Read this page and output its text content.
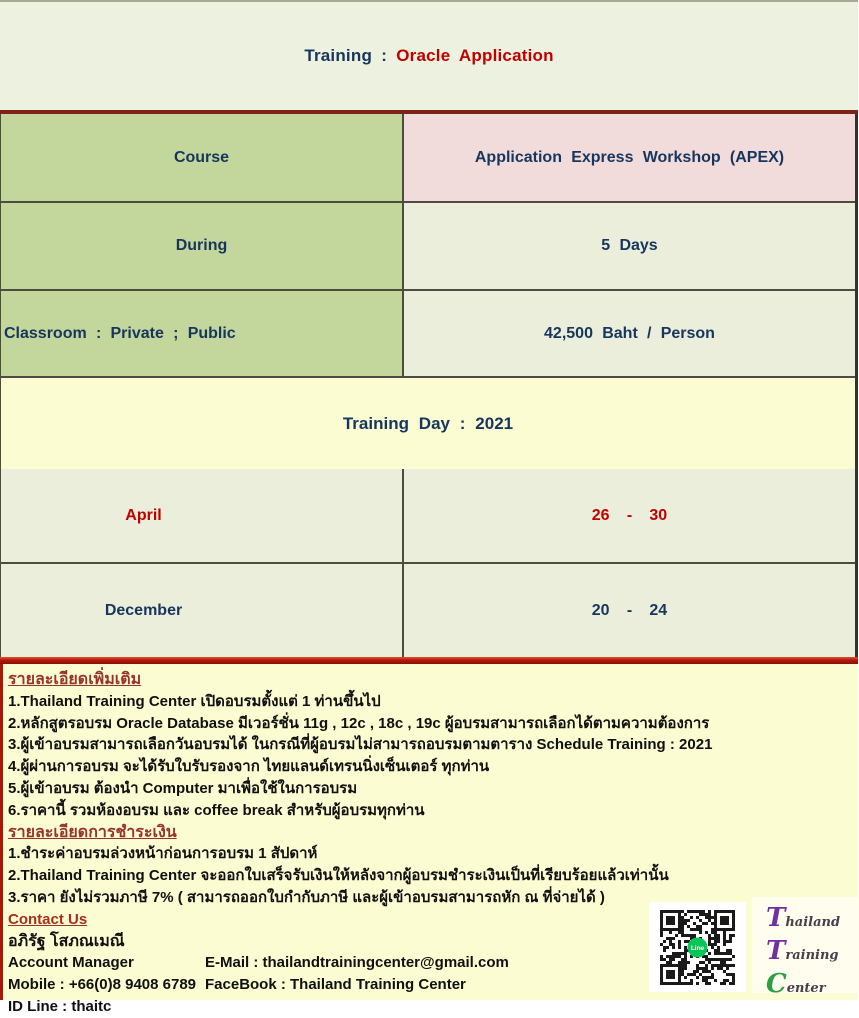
Training : Oracle Application
Course	Application Express Workshop (APEX)
During	5 Days
Classroom : Private ; Public	42,500 Baht / Person
Training Day : 2021
April	26 - 30
December	20 - 24
รายละเอียดเพิ่มเติม
1.Thailand Training Center เปิดอบรมตั้งแต่ 1 ท่านขึ้นไป
2.หลักสูตรอบรม Oracle Database มีเวอร์ชั่น 11g , 12c , 18c , 19c ผู้อบรมสามารถเลือกได้ตามความต้องการ
3.ผู้เข้าอบรมสามารถเลือกวันอบรมได้ ในกรณีที่ผู้อบรมไม่สามารถอบรมตามตาราง Schedule Training : 2021
4.ผู้ผ่านการอบรม จะได้รับใบรับรองจาก ไทยแลนด์เทรนนิ่งเซ็นเตอร์ ทุกท่าน
5.ผู้เข้าอบรม ต้องนำ Computer มาเพื่อใช้ในการอบรม
6.ราคานี้ รวมห้องอบรม และ coffee break สำหรับผู้อบรมทุกท่าน
รายละเอียดการชำระเงิน
1.ชำระค่าอบรมล่วงหน้าก่อนการอบรม 1 สัปดาห์
2.Thailand Training Center จะออกใบเสร็จรับเงินให้หลังจากผู้อบรมชำระเงินเป็นที่เรียบร้อยแล้วเท่านั้น
3.ราคา ยังไม่รวมภาษี 7% ( สามารถออกใบกำกับภาษี และผู้เข้าอบรมสามารถหัก ณ ที่จ่ายได้ )
Contact Us
อภิรัฐ โสภณเมณี
Account Manager	E-Mail : thailandtrainingcenter@gmail.com
Mobile : +66(0)8 9408 6789 FaceBook : Thailand Training Center
ID Line : thaitc
Line
Thailand
Training
Center
